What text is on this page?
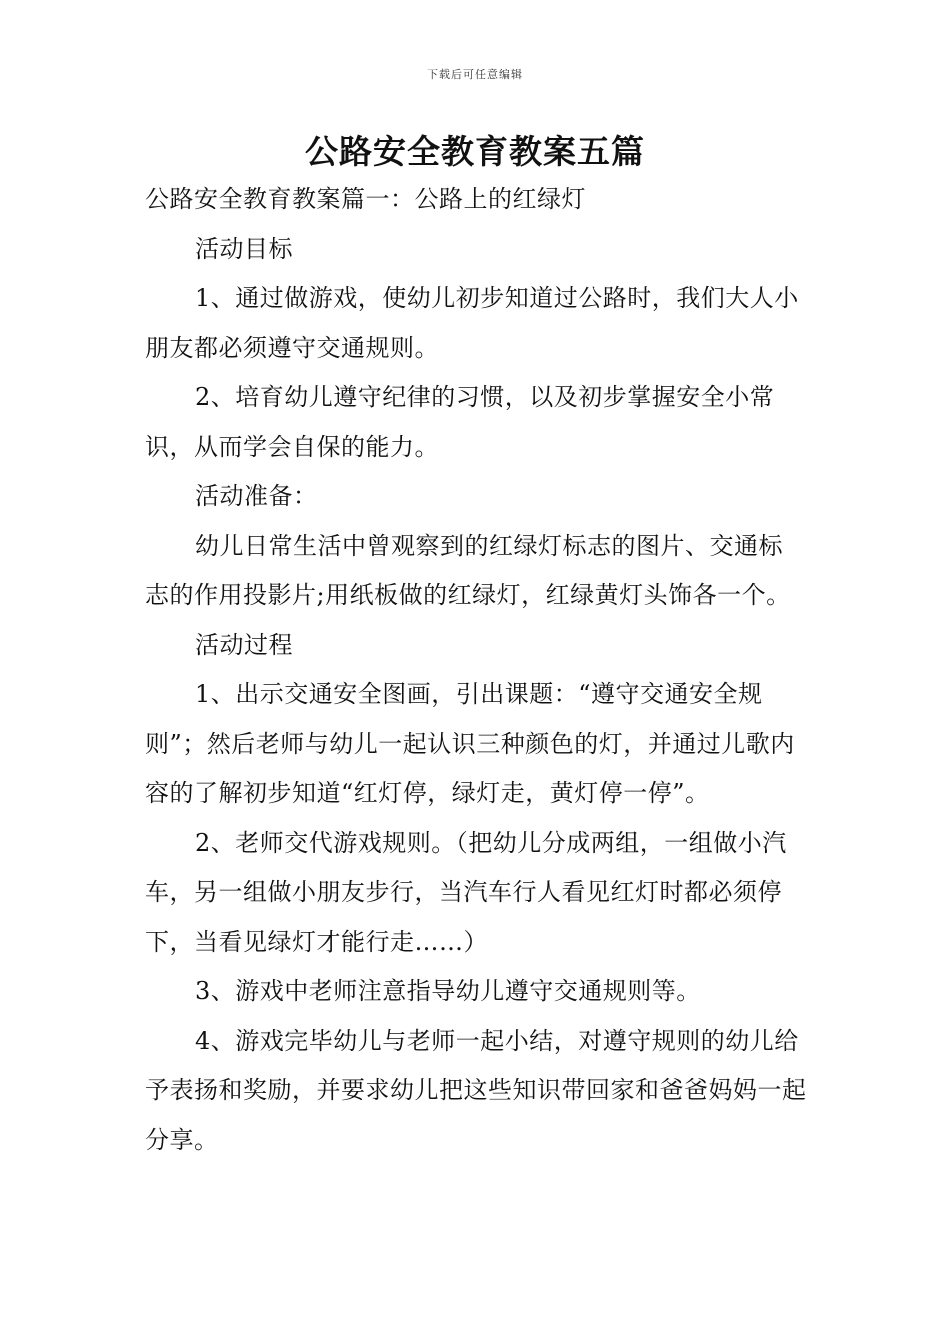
下载后可任意编辑
公路安全教育教案五篇

公路安全教育教案篇一：公路上的红绿灯

活动目标

1、通过做游戏，使幼儿初步知道过公路时，我们大人小朋友都必须遵守交通规则。

2、培育幼儿遵守纪律的习惯，以及初步掌握安全小常识，从而学会自保的能力。

活动准备：

幼儿日常生活中曾观察到的红绿灯标志的图片、交通标志的作用投影片;用纸板做的红绿灯，红绿黄灯头饰各一个。

活动过程

1、出示交通安全图画，引出课题：“遵守交通安全规则”；然后老师与幼儿一起认识三种颜色的灯，并通过儿歌内容的了解初步知道“红灯停，绿灯走，黄灯停一停”。

2、老师交代游戏规则。（把幼儿分成两组，一组做小汽车，另一组做小朋友步行，当汽车行人看见红灯时都必须停下，当看见绿灯才能行走……）

3、游戏中老师注意指导幼儿遵守交通规则等。

4、游戏完毕幼儿与老师一起小结，对遵守规则的幼儿给予表扬和奖励，并要求幼儿把这些知识带回家和爸爸妈妈一起分享。
